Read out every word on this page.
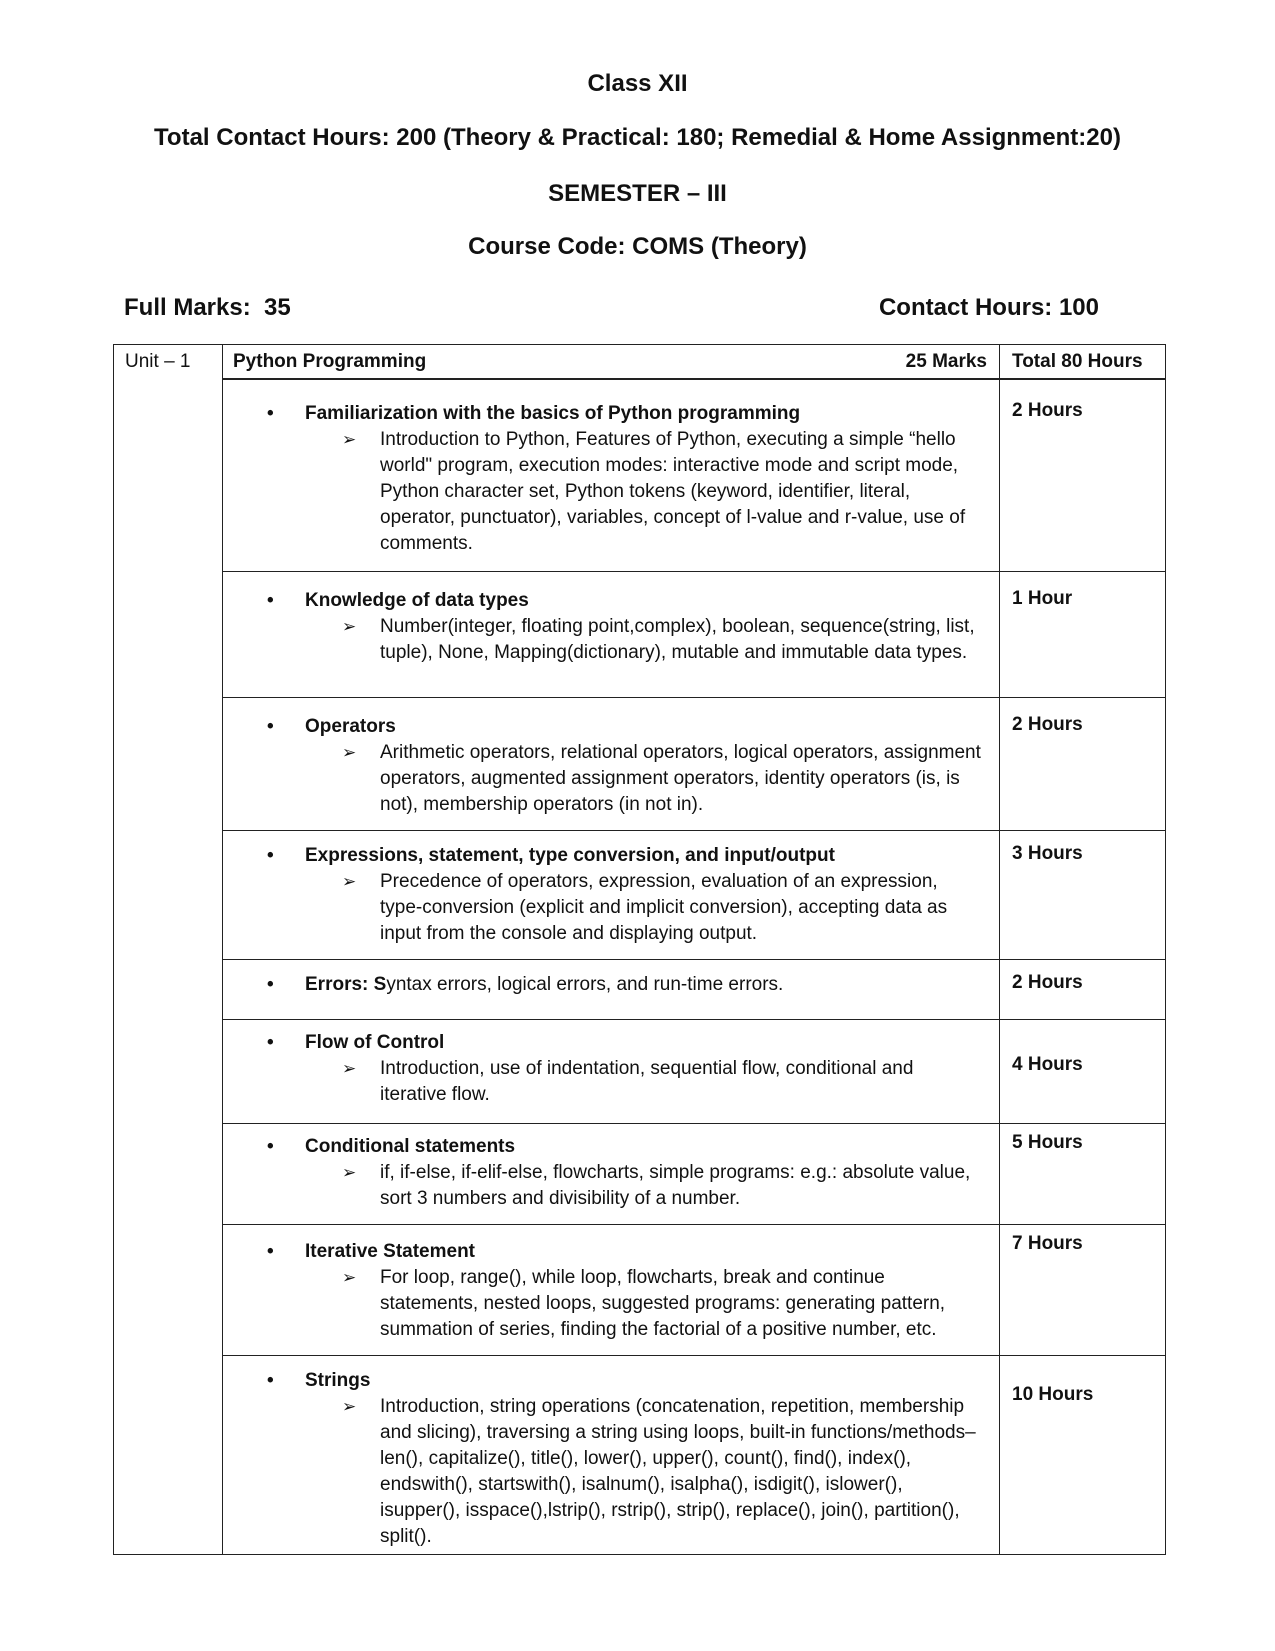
Class XII
Total Contact Hours: 200 (Theory & Practical: 180; Remedial & Home Assignment:20)
SEMESTER – III
Course Code: COMS (Theory)
Full Marks:  35	Contact Hours: 100
Unit – 1	Python Programming 25 Marks	Total 80 Hours

	• Familiarization with the basics of Python programming
➢ Introduction to Python, Features of Python, executing a simple “hello world" program, execution modes: interactive mode and script mode, Python character set, Python tokens (keyword, identifier, literal, operator, punctuator), variables, concept of l-value and r-value, use of comments.	2 Hours

	• Knowledge of data types
➢ Number(integer, floating point,complex), boolean, sequence(string, list, tuple), None, Mapping(dictionary), mutable and immutable data types.	1 Hour

	• Operators
➢ Arithmetic operators, relational operators, logical operators, assignment operators, augmented assignment operators, identity operators (is, is not), membership operators (in not in).	2 Hours

	• Expressions, statement, type conversion, and input/output
➢ Precedence of operators, expression, evaluation of an expression, type-conversion (explicit and implicit conversion), accepting data as input from the console and displaying output.	3 Hours

	• Errors: Syntax errors, logical errors, and run-time errors.	2 Hours

	• Flow of Control
➢ Introduction, use of indentation, sequential flow, conditional and iterative flow.	4 Hours

	• Conditional statements
➢ if, if-else, if-elif-else, flowcharts, simple programs: e.g.: absolute value, sort 3 numbers and divisibility of a number.	5 Hours

	• Iterative Statement
➢ For loop, range(), while loop, flowcharts, break and continue statements, nested loops, suggested programs: generating pattern, summation of series, finding the factorial of a positive number, etc.	7 Hours

	• Strings
➢ Introduction, string operations (concatenation, repetition, membership and slicing), traversing a string using loops, built-in functions/methods–len(), capitalize(), title(), lower(), upper(), count(), find(), index(), endswith(), startswith(), isalnum(), isalpha(), isdigit(), islower(), isupper(), isspace(),lstrip(), rstrip(), strip(), replace(), join(), partition(), split().	10 Hours
